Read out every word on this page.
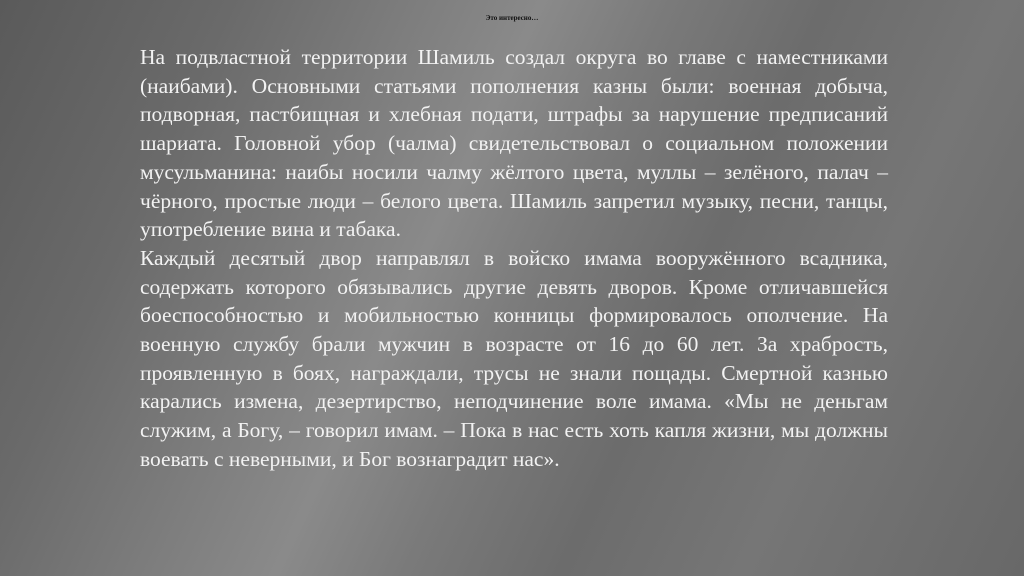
Это интересно…

На подвластной территории Шамиль создал округа во главе с наместниками (наибами). Основными статьями пополнения казны были: военная добыча, подворная, пастбищная и хлебная подати, штрафы за нарушение предписаний шариата. Головной убор (чалма) свидетельствовал о социальном положении мусульманина: наибы носили чалму жёлтого цвета, муллы – зелёного, палач – чёрного, простые люди – белого цвета. Шамиль запретил музыку, песни, танцы, употребление вина и табака.

Каждый десятый двор направлял в войско имама вооружённого всадника, содержать которого обязывались другие девять дворов. Кроме отличавшейся боеспособностью и мобильностью конницы формировалось ополчение. На военную службу брали мужчин в возрасте от 16 до 60 лет. За храбрость, проявленную в боях, награждали, трусы не знали пощады. Смертной казнью карались измена, дезертирство, неподчинение воле имама. «Мы не деньгам служим, а Богу, – говорил имам. – Пока в нас есть хоть капля жизни, мы должны воевать с неверными, и Бог вознаградит нас».
